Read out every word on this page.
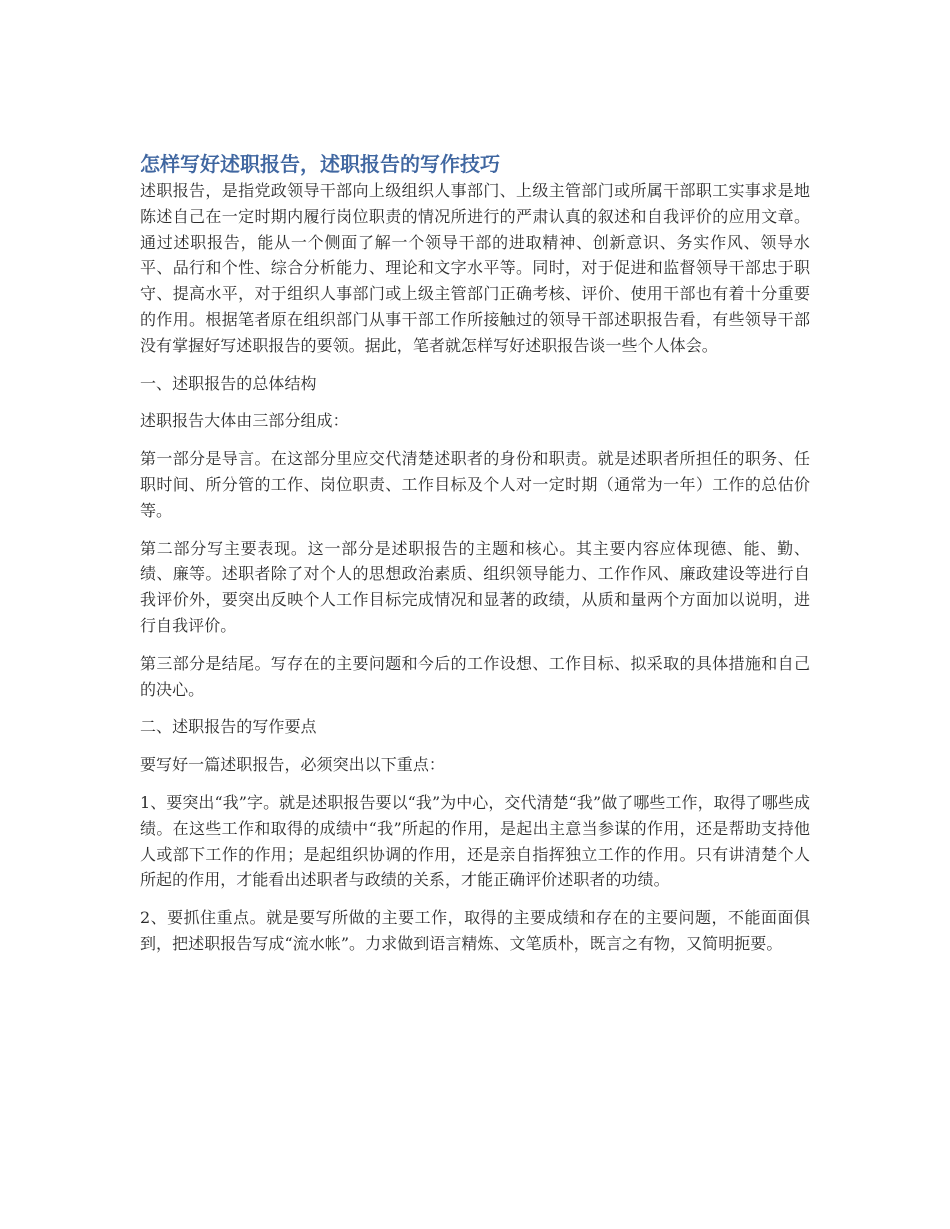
怎样写好述职报告，述职报告的写作技巧

述职报告，是指党政领导干部向上级组织人事部门、上级主管部门或所属干部职工实事求是地陈述自己在一定时期内履行岗位职责的情况所进行的严肃认真的叙述和自我评价的应用文章。通过述职报告，能从一个侧面了解一个领导干部的进取精神、创新意识、务实作风、领导水平、品行和个性、综合分析能力、理论和文字水平等。同时，对于促进和监督领导干部忠于职守、提高水平，对于组织人事部门或上级主管部门正确考核、评价、使用干部也有着十分重要的作用。根据笔者原在组织部门从事干部工作所接触过的领导干部述职报告看，有些领导干部没有掌握好写述职报告的要领。据此，笔者就怎样写好述职报告谈一些个人体会。

一、述职报告的总体结构

述职报告大体由三部分组成：

第一部分是导言。在这部分里应交代清楚述职者的身份和职责。就是述职者所担任的职务、任职时间、所分管的工作、岗位职责、工作目标及个人对一定时期（通常为一年）工作的总估价等。

第二部分写主要表现。这一部分是述职报告的主题和核心。其主要内容应体现德、能、勤、绩、廉等。述职者除了对个人的思想政治素质、组织领导能力、工作作风、廉政建设等进行自我评价外，要突出反映个人工作目标完成情况和显著的政绩，从质和量两个方面加以说明，进行自我评价。

第三部分是结尾。写存在的主要问题和今后的工作设想、工作目标、拟采取的具体措施和自己的决心。

二、述职报告的写作要点

要写好一篇述职报告，必须突出以下重点：

1、要突出“我”字。就是述职报告要以“我”为中心，交代清楚“我”做了哪些工作，取得了哪些成绩。在这些工作和取得的成绩中“我”所起的作用，是起出主意当参谋的作用，还是帮助支持他人或部下工作的作用；是起组织协调的作用，还是亲自指挥独立工作的作用。只有讲清楚个人所起的作用，才能看出述职者与政绩的关系，才能正确评价述职者的功绩。

2、要抓住重点。就是要写所做的主要工作，取得的主要成绩和存在的主要问题，不能面面俱到，把述职报告写成“流水帐”。力求做到语言精炼、文笔质朴，既言之有物，又简明扼要。
